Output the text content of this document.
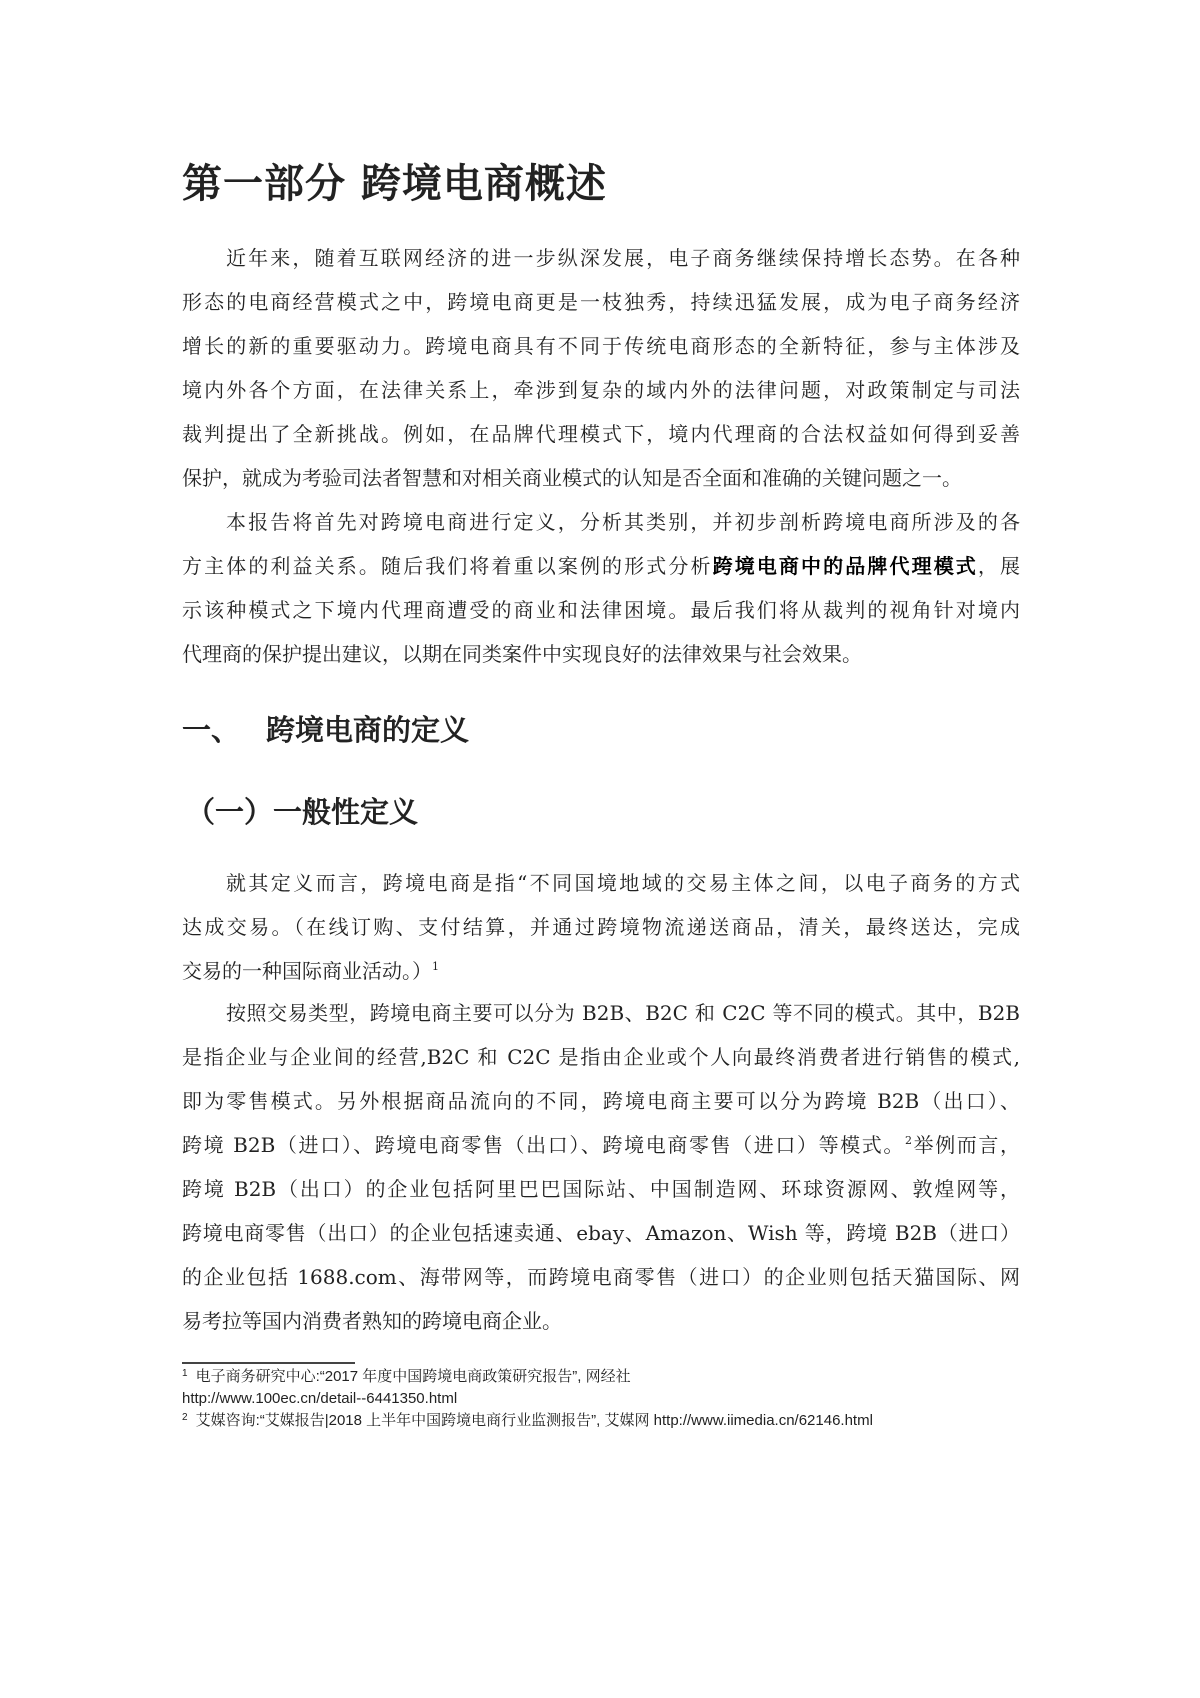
第一部分 跨境电商概述
近年来，随着互联网经济的进一步纵深发展，电子商务继续保持增长态势。在各种
形态的电商经营模式之中，跨境电商更是一枝独秀，持续迅猛发展，成为电子商务经济
增长的新的重要驱动力。跨境电商具有不同于传统电商形态的全新特征，参与主体涉及
境内外各个方面，在法律关系上，牵涉到复杂的域内外的法律问题，对政策制定与司法
裁判提出了全新挑战。例如，在品牌代理模式下，境内代理商的合法权益如何得到妥善
保护，就成为考验司法者智慧和对相关商业模式的认知是否全面和准确的关键问题之一。
本报告将首先对跨境电商进行定义，分析其类别，并初步剖析跨境电商所涉及的各
方主体的利益关系。随后我们将着重以案例的形式分析跨境电商中的品牌代理模式，展
示该种模式之下境内代理商遭受的商业和法律困境。最后我们将从裁判的视角针对境内
代理商的保护提出建议，以期在同类案件中实现良好的法律效果与社会效果。
一、 跨境电商的定义
（一）一般性定义
就其定义而言，跨境电商是指“不同国境地域的交易主体之间，以电子商务的方式
达成交易。（在线订购、支付结算，并通过跨境物流递送商品，清关，最终送达，完成
交易的一种国际商业活动。）$^1$
按照交易类型，跨境电商主要可以分为 B2B、B2C 和 C2C 等不同的模式。其中，B2B
是指企业与企业间的经营,B2C 和 C2C 是指由企业或个人向最终消费者进行销售的模式,
即为零售模式。另外根据商品流向的不同，跨境电商主要可以分为跨境 B2B（出口）、
跨境 B2B（进口）、跨境电商零售（出口）、跨境电商零售（进口）等模式。$^2$举例而言，
跨境 B2B（出口）的企业包括阿里巴巴国际站、中国制造网、环球资源网、敦煌网等，
跨境电商零售（出口）的企业包括速卖通、ebay、Amazon、Wish 等，跨境 B2B（进口）
的企业包括 1688.com、海带网等，而跨境电商零售（进口）的企业则包括天猫国际、网
易考拉等国内消费者熟知的跨境电商企业。
$^1$ 电子商务研究中心:“2017 年度中国跨境电商政策研究报告”, 网经社
http://www.100ec.cn/detail--6441350.html
$^2$ 艾媒咨询:“艾媒报告|2018 上半年中国跨境电商行业监测报告”, 艾媒网 http://www.iimedia.cn/62146.html
